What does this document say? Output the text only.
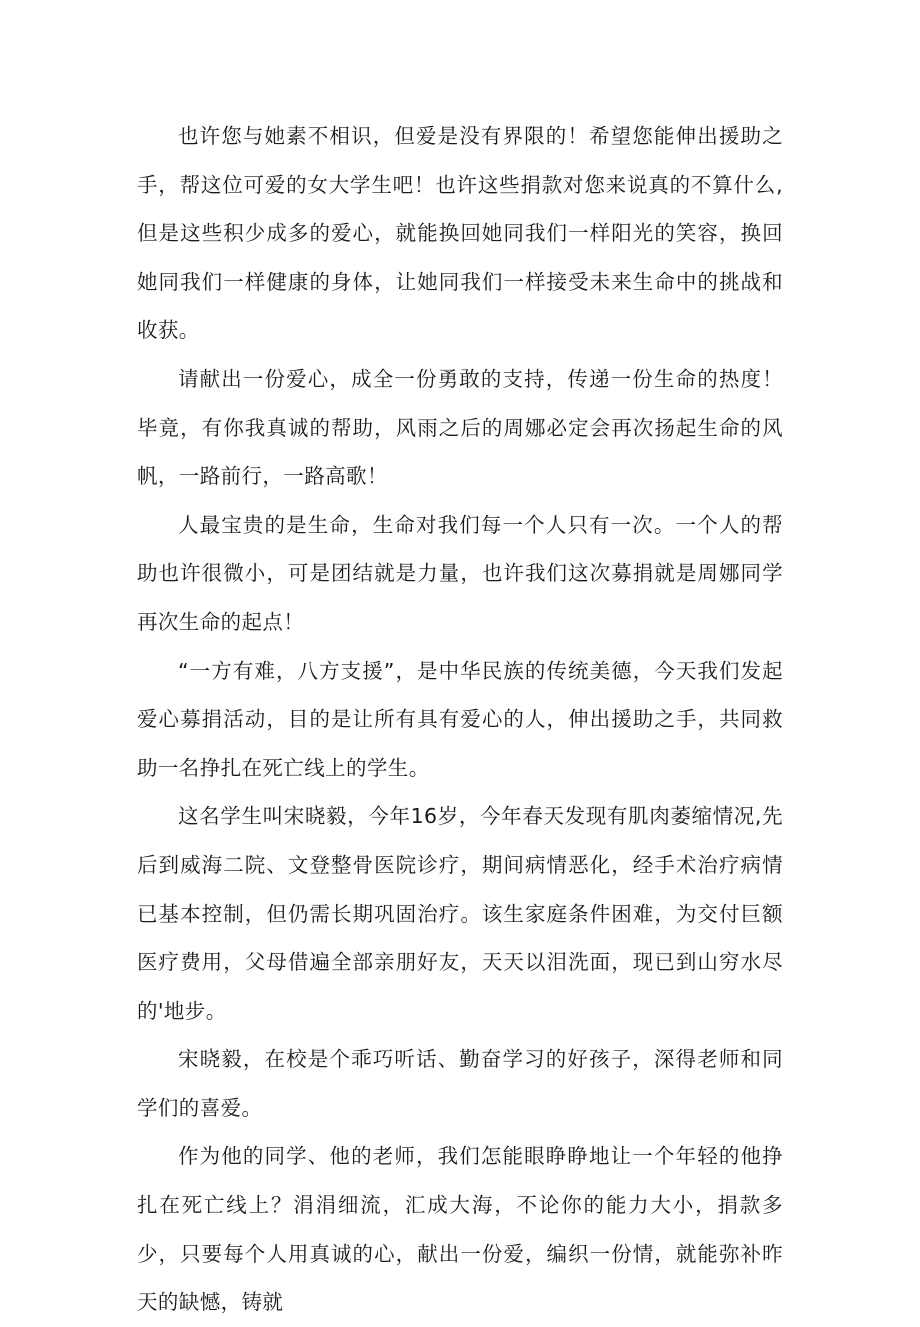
也许您与她素不相识，但爱是没有界限的！希望您能伸出援助之手，帮这位可爱的女大学生吧！也许这些捐款对您来说真的不算什么,但是这些积少成多的爱心，就能换回她同我们一样阳光的笑容，换回她同我们一样健康的身体，让她同我们一样接受未来生命中的挑战和收获。

请献出一份爱心，成全一份勇敢的支持，传递一份生命的热度！毕竟，有你我真诚的帮助，风雨之后的周娜必定会再次扬起生命的风帆，一路前行，一路高歌！

人最宝贵的是生命，生命对我们每一个人只有一次。一个人的帮助也许很微小，可是团结就是力量，也许我们这次募捐就是周娜同学再次生命的起点！

“一方有难，八方支援”，是中华民族的传统美德，今天我们发起爱心募捐活动，目的是让所有具有爱心的人，伸出援助之手，共同救助一名挣扎在死亡线上的学生。

这名学生叫宋晓毅，今年16岁，今年春天发现有肌肉萎缩情况,先后到威海二院、文登整骨医院诊疗，期间病情恶化，经手术治疗病情已基本控制，但仍需长期巩固治疗。该生家庭条件困难，为交付巨额医疗费用，父母借遍全部亲朋好友，天天以泪洗面，现已到山穷水尽的'地步。

宋晓毅，在校是个乖巧听话、勤奋学习的好孩子，深得老师和同学们的喜爱。

作为他的同学、他的老师，我们怎能眼睁睁地让一个年轻的他挣扎在死亡线上？涓涓细流，汇成大海，不论你的能力大小，捐款多少，只要每个人用真诚的心，献出一份爱，编织一份情，就能弥补昨天的缺憾，铸就
